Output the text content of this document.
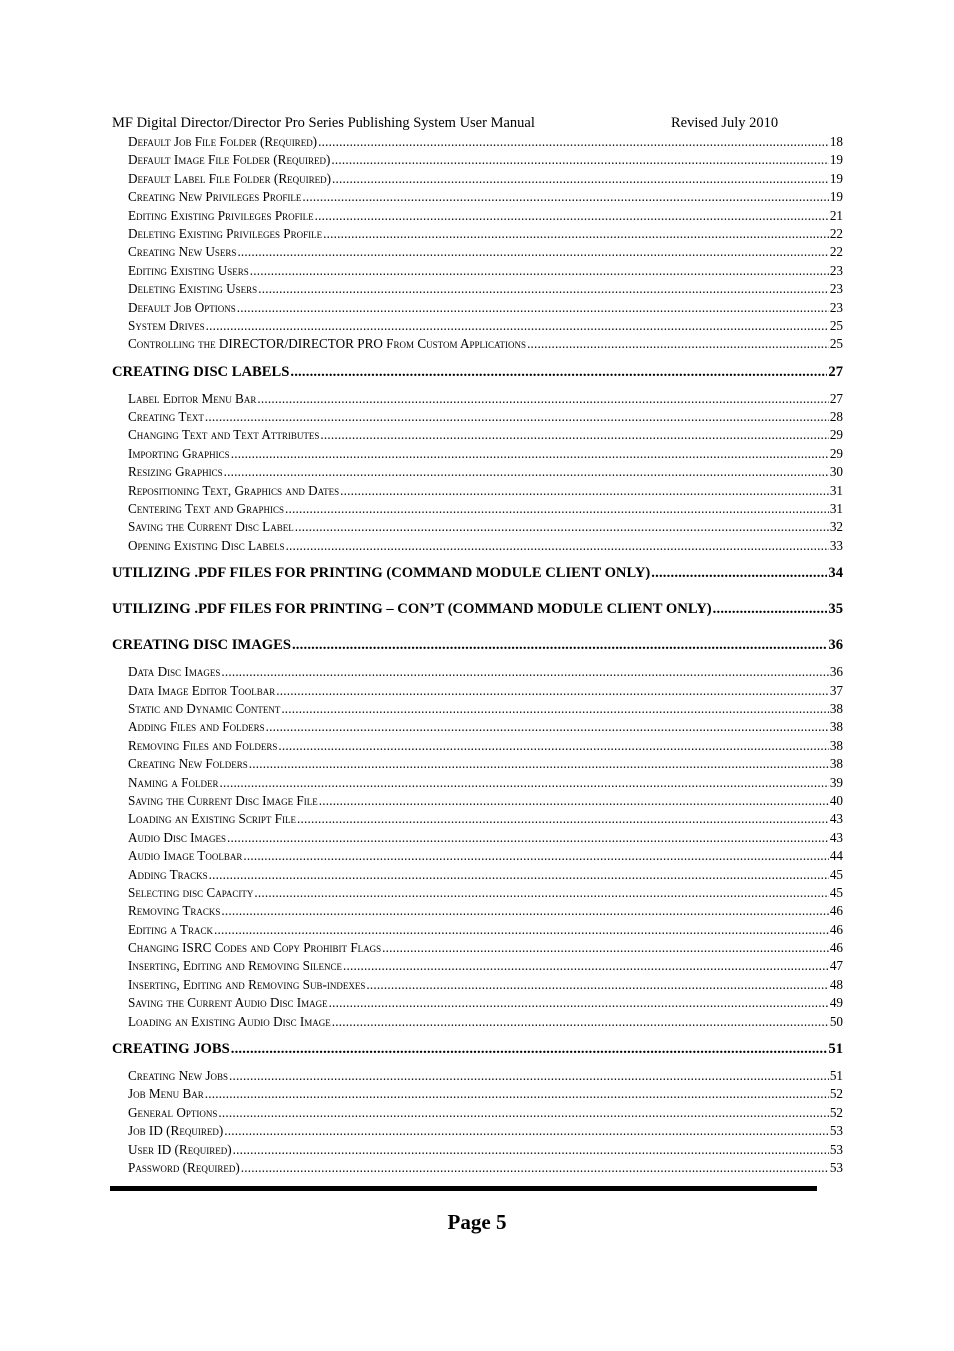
MF Digital Director/Director Pro Series Publishing System User Manual	Revised July 2010
Default Job File Folder (Required) .....	18
Default Image File Folder (Required) .....	19
Default Label File Folder (Required) .....	19
Creating New Privileges Profile .....	19
Editing Existing Privileges Profile .....	21
Deleting Existing Privileges Profile .....	22
Creating New Users .....	22
Editing Existing Users .....	23
Deleting Existing Users .....	23
Default Job Options .....	23
System Drives .....	25
Controlling the DIRECTOR/DIRECTOR PRO From Custom Applications .....	25
CREATING DISC LABELS .....	27
Label Editor Menu Bar .....	27
Creating Text .....	28
Changing Text and Text Attributes .....	29
Importing Graphics .....	29
Resizing Graphics .....	30
Repositioning Text, Graphics and Dates .....	31
Centering Text and Graphics .....	31
Saving the Current Disc Label .....	32
Opening Existing Disc Labels .....	33
UTILIZING .PDF FILES FOR PRINTING (COMMAND MODULE CLIENT ONLY) .....	34
UTILIZING .PDF FILES FOR PRINTING – CON’T (COMMAND MODULE CLIENT ONLY) .....	35
CREATING DISC IMAGES .....	36
Data Disc Images .....	36
Data Image Editor Toolbar .....	37
Static and Dynamic Content .....	38
Adding Files and Folders .....	38
Removing Files and Folders .....	38
Creating New Folders .....	38
Naming a Folder .....	39
Saving the Current Disc Image File .....	40
Loading an Existing Script File .....	43
Audio Disc Images .....	43
Audio Image Toolbar .....	44
Adding Tracks .....	45
Selecting disc Capacity .....	45
Removing Tracks .....	46
Editing a Track .....	46
Changing ISRC Codes and Copy Prohibit Flags .....	46
Inserting, Editing and Removing Silence .....	47
Inserting, Editing and Removing Sub-indexes .....	48
Saving the Current Audio Disc Image .....	49
Loading an Existing Audio Disc Image .....	50
CREATING JOBS .....	51
Creating New Jobs .....	51
Job Menu Bar .....	52
General Options .....	52
Job ID (Required) .....	53
User ID (Required) .....	53
Password (Required) .....	53
Page 5
